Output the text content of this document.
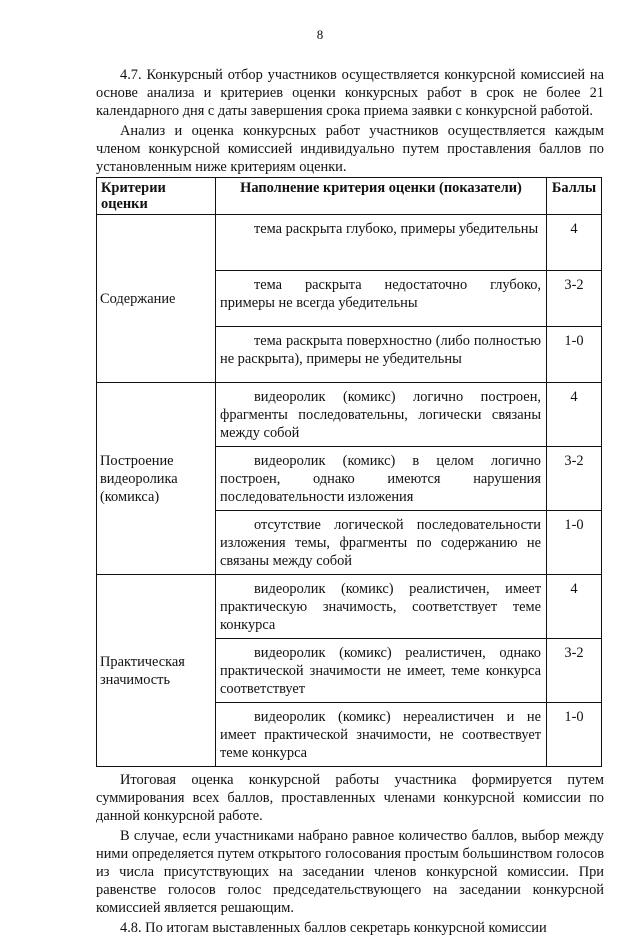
8

4.7. Конкурсный отбор участников осуществляется конкурсной комиссией на основе анализа и критериев оценки конкурсных работ в срок не более 21 календарного дня с даты завершения срока приема заявки с конкурсной работой.

Анализ и оценка конкурсных работ участников осуществляется каждым членом конкурсной комиссией индивидуально путем проставления баллов по установленным ниже критериям оценки.

Критерии оценки	Наполнение критерия оценки (показатели)	Баллы
Содержание	тема раскрыта глубоко, примеры убедительны	4
	тема раскрыта недостаточно глубоко, примеры не всегда убедительны	3-2
	тема раскрыта поверхностно (либо полностью не раскрыта), примеры не убедительны	1-0
Построение видеоролика (комикса)	видеоролик (комикс) логично построен, фрагменты последовательны, логически связаны между собой	4
	видеоролик (комикс) в целом логично построен, однако имеются нарушения последовательности изложения	3-2
	отсутствие логической последовательности изложения темы, фрагменты по содержанию не связаны между собой	1-0
Практическая значимость	видеоролик (комикс) реалистичен, имеет практическую значимость, соответствует теме конкурса	4
	видеоролик (комикс) реалистичен, однако практической значимости не имеет, теме конкурса соответствует	3-2
	видеоролик (комикс) нереалистичен и не имеет практической значимости, не соотвествует теме конкурса	1-0

Итоговая оценка конкурсной работы участника формируется путем суммирования всех баллов, проставленных членами конкурсной комиссии по данной конкурсной работе.

В случае, если участниками набрано равное количество баллов, выбор между ними определяется путем открытого голосования простым большинством голосов из числа присутствующих на заседании членов конкурсной комиссии. При равенстве голосов голос председательствующего на заседании конкурсной комиссией является решающим.

4.8. По итогам выставленных баллов секретарь конкурсной комиссии
